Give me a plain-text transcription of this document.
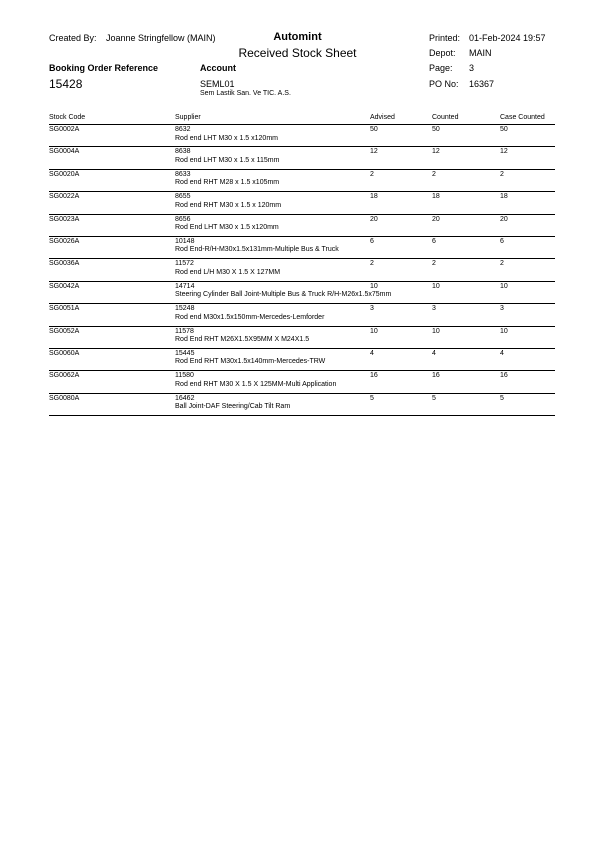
Created By: Joanne Stringfellow (MAIN)	Automint
Received Stock Sheet
Printed: 01-Feb-2024 19:57
Depot: MAIN
Page: 3
Booking Order Reference
15428
Account
SEML01
Sem Lastik San. Ve TIC. A.S.
PO No: 16367
Stock Code	Supplier	Advised	Counted	Case Counted
SG0002A	8632	50	50	50
Rod end LHT M30 x 1.5 x120mm
SG0004A	8638	12	12	12
Rod end LHT M30 x 1.5 x 115mm
SG0020A	8633	2	2	2
Rod end RHT M28 x 1.5 x105mm
SG0022A	8655	18	18	18
Rod end RHT M30 x 1.5 x 120mm
SG0023A	8656	20	20	20
Rod End LHT M30 x 1.5 x120mm
SG0026A	10148	6	6	6
Rod End-R/H-M30x1.5x131mm-Multiple Bus & Truck
SG0036A	11572	2	2	2
Rod end L/H M30 X 1.5 X 127MM
SG0042A	14714	10	10	10
Steering Cylinder Ball Joint-Multiple Bus & Truck R/H-M26x1.5x75mm
SG0051A	15248	3	3	3
Rod end M30x1.5x150mm-Mercedes-Lemforder
SG0052A	11578	10	10	10
Rod End RHT M26X1.5X95MM X M24X1.5
SG0060A	15445	4	4	4
Rod End RHT M30x1.5x140mm-Mercedes-TRW
SG0062A	11580	16	16	16
Rod end RHT M30 X 1.5 X 125MM-Multi Application
SG0080A	16462	5	5	5
Ball Joint-DAF Steering/Cab Tilt Ram
